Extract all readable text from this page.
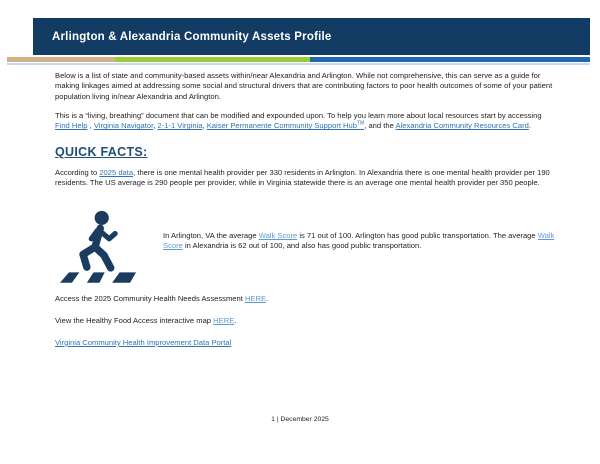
Arlington & Alexandria Community Assets Profile

Below is a list of state and community-based assets within/near Alexandria and Arlington. While not comprehensive, this can serve as a guide for making linkages aimed at addressing some social and structural drivers that are contributing factors to poor health outcomes of some of your patient population living in/near Alexandria and Arlington.

This is a “living, breathing” document that can be modified and expounded upon. To help you learn more about local resources start by accessing Find Help , Virginia Navigator, 2-1-1 Virginia, Kaiser Permanente Community Support Hub™, and the Alexandria Community Resources Card.

QUICK FACTS:

According to 2025 data, there is one mental health provider per 330 residents in Arlington. In Alexandria there is one mental health provider per 190 residents. The US average is 290 people per provider, while in Virginia statewide there is an average one mental health provider per 350 people.

In Arlington, VA the average Walk Score is 71 out of 100. Arlington has good public transportation. The average Walk Score in Alexandria is 62 out of 100, and also has good public transportation.

Access the 2025 Community Health Needs Assessment HERE.

View the Healthy Food Access interactive map HERE.

Virginia Community Health Improvement Data Portal

1 | December 2025
